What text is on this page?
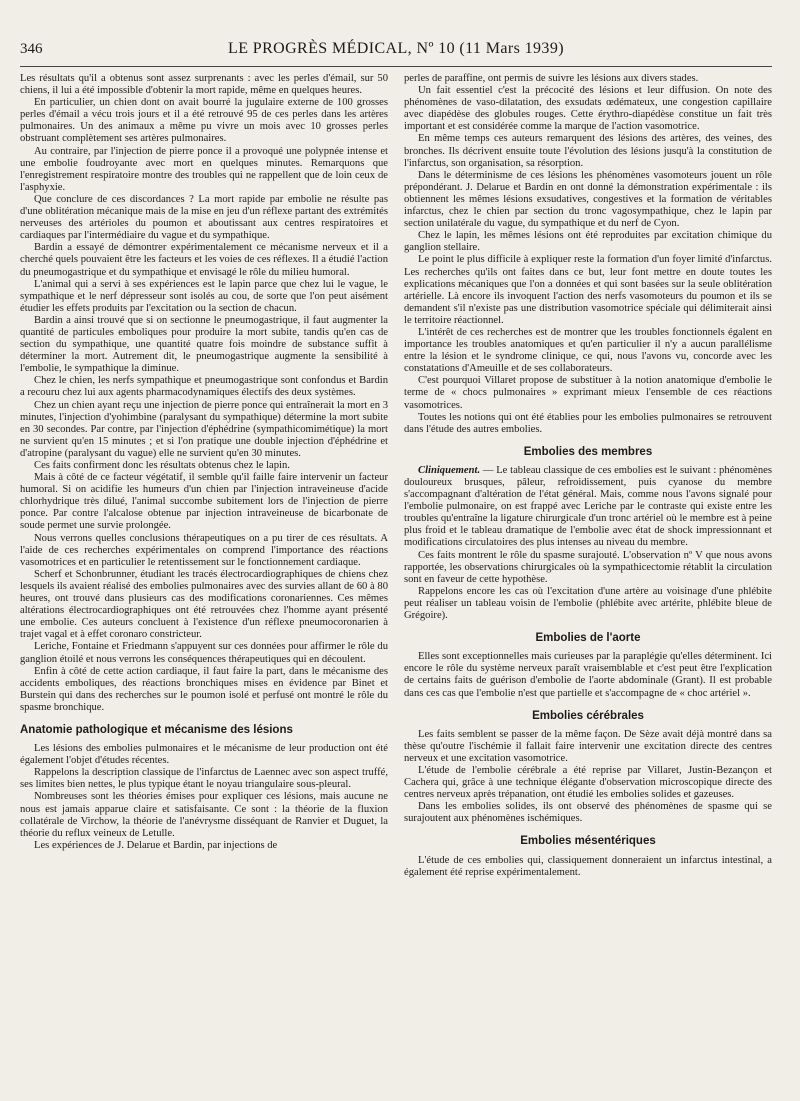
346	LE PROGRÈS MÉDICAL, Nº 10 (11 Mars 1939)

Les résultats qu'il a obtenus sont assez surprenants : avec les perles d'émail, sur 50 chiens, il lui a été impossible d'obtenir la mort rapide, même en quelques heures.

En particulier, un chien dont on avait bourré la jugulaire externe de 100 grosses perles d'émail a vécu trois jours et il a été retrouvé 95 de ces perles dans les artères pulmonaires. Un des animaux a même pu vivre un mois avec 10 grosses perles obstruant complètement ses artères pulmonaires.

Au contraire, par l'injection de pierre ponce il a provoqué une polypnée intense et une embolie foudroyante avec mort en quelques minutes. Remarquons que l'enregistrement respiratoire montre des troubles qui ne rappellent que de loin ceux de l'asphyxie.

Que conclure de ces discordances ? La mort rapide par embolie ne résulte pas d'une oblitération mécanique mais de la mise en jeu d'un réflexe partant des extrémités nerveuses des artérioles du poumon et aboutissant aux centres respiratoires et cardiaques par l'intermédiaire du vague et du sympathique.

Bardin a essayé de démontrer expérimentalement ce mécanisme nerveux et il a cherché quels pouvaient être les facteurs et les voies de ces réflexes. Il a étudié l'action du pneumogastrique et du sympathique et envisagé le rôle du milieu humoral.

L'animal qui a servi à ses expériences est le lapin parce que chez lui le vague, le sympathique et le nerf dépresseur sont isolés au cou, de sorte que l'on peut aisément étudier les effets produits par l'excitation ou la section de chacun.

Bardin a ainsi trouvé que si on sectionne le pneumogastrique, il faut augmenter la quantité de particules emboliques pour produire la mort subite, tandis qu'en cas de section du sympathique, une quantité quatre fois moindre de substance suffit à déterminer la mort. Autrement dit, le pneumogastrique augmente la sensibilité à l'embolie, le sympathique la diminue.

Chez le chien, les nerfs sympathique et pneumogastrique sont confondus et Bardin a recouru chez lui aux agents pharmacodynamiques électifs des deux systèmes.

Chez un chien ayant reçu une injection de pierre ponce qui entraînerait la mort en 3 minutes, l'injection d'yohimbine (paralysant du sympathique) détermine la mort subite en 30 secondes. Par contre, par l'injection d'éphédrine (sympathicomimétique) la mort ne survient qu'en 15 minutes ; et si l'on pratique une double injection d'éphédrine et d'atropine (paralysant du vague) elle ne survient qu'en 30 minutes.

Ces faits confirment donc les résultats obtenus chez le lapin.

Mais à côté de ce facteur végétatif, il semble qu'il faille faire intervenir un facteur humoral. Si on acidifie les humeurs d'un chien par l'injection intraveineuse d'acide chlorhydrique très dilué, l'animal succombe subitement lors de l'injection de pierre ponce. Par contre l'alcalose obtenue par injection intraveineuse de bicarbonate de soude permet une survie prolongée.

Nous verrons quelles conclusions thérapeutiques on a pu tirer de ces résultats. A l'aide de ces recherches expérimentales on comprend l'importance des réactions vasomotrices et en particulier le retentissement sur le fonctionnement cardiaque.

Scherf et Schonbrunner, étudiant les tracés électrocardiographiques de chiens chez lesquels ils avaient réalisé des embolies pulmonaires avec des survies allant de 60 à 80 heures, ont trouvé dans plusieurs cas des modifications coronariennes. Ces mêmes altérations électrocardiographiques ont été retrouvées chez l'homme ayant présenté une embolie. Ces auteurs concluent à l'existence d'un réflexe pneumocoronarien à trajet vagal et à effet coronaro constricteur.

Leriche, Fontaine et Friedmann s'appuyent sur ces données pour affirmer le rôle du ganglion étoilé et nous verrons les conséquences thérapeutiques qui en découlent.

Enfin à côté de cette action cardiaque, il faut faire la part, dans le mécanisme des accidents emboliques, des réactions bronchiques mises en évidence par Binet et Burstein qui dans des recherches sur le poumon isolé et perfusé ont montré le rôle du spasme bronchique.

Anatomie pathologique et mécanisme des lésions

Les lésions des embolies pulmonaires et le mécanisme de leur production ont été également l'objet d'études récentes.

Rappelons la description classique de l'infarctus de Laennec avec son aspect truffé, ses limites bien nettes, le plus typique étant le noyau triangulaire sous-pleural.

Nombreuses sont les théories émises pour expliquer ces lésions, mais aucune ne nous est jamais apparue claire et satisfaisante. Ce sont : la théorie de la fluxion collatérale de Virchow, la théorie de l'anévrysme disséquant de Ranvier et Duguet, la théorie du reflux veineux de Letulle.

Les expériences de J. Delarue et Bardin, par injections de

perles de paraffine, ont permis de suivre les lésions aux divers stades.

Un fait essentiel c'est la précocité des lésions et leur diffusion. On note des phénomènes de vaso-dilatation, des exsudats œdémateux, une congestion capillaire avec diapédèse des globules rouges. Cette érythro-diapédèse constitue un fait très important et est considérée comme la marque de l'action vasomotrice.

En même temps ces auteurs remarquent des lésions des artères, des veines, des bronches. Ils décrivent ensuite toute l'évolution des lésions jusqu'à la constitution de l'infarctus, son organisation, sa résorption.

Dans le déterminisme de ces lésions les phénomènes vasomoteurs jouent un rôle prépondérant. J. Delarue et Bardin en ont donné la démonstration expérimentale : ils obtiennent les mêmes lésions exsudatives, congestives et la formation de véritables infarctus, chez le chien par section du tronc vagosympathique, chez le lapin par section unilatérale du vague, du sympathique et du nerf de Cyon.

Chez le lapin, les mêmes lésions ont été reproduites par excitation chimique du ganglion stellaire.

Le point le plus difficile à expliquer reste la formation d'un foyer limité d'infarctus. Les recherches qu'ils ont faites dans ce but, leur font mettre en doute toutes les explications mécaniques que l'on a données et qui sont basées sur la seule oblitération artérielle. Là encore ils invoquent l'action des nerfs vasomoteurs du poumon et ils se demandent s'il n'existe pas une distribution vasomotrice spéciale qui délimiterait ainsi le territoire réactionnel.

L'intérêt de ces recherches est de montrer que les troubles fonctionnels égalent en importance les troubles anatomiques et qu'en particulier il n'y a aucun parallélisme entre la lésion et le syndrome clinique, ce qui, nous l'avons vu, concorde avec les constatations d'Ameuille et de ses collaborateurs.

C'est pourquoi Villaret propose de substituer à la notion anatomique d'embolie le terme de « chocs pulmonaires » exprimant mieux l'ensemble de ces réactions vasomotrices.

Toutes les notions qui ont été établies pour les embolies pulmonaires se retrouvent dans l'étude des autres embolies.

Embolies des membres

Cliniquement. — Le tableau classique de ces embolies est le suivant : phénomènes douloureux brusques, pâleur, refroidissement, puis cyanose du membre s'accompagnant d'altération de l'état général. Mais, comme nous l'avons signalé pour l'embolie pulmonaire, on est frappé avec Leriche par le contraste qui existe entre les troubles qu'entraîne la ligature chirurgicale d'un tronc artériel où le membre est à peine plus froid et le tableau dramatique de l'embolie avec état de shock impressionnant et modifications circulatoires des plus intenses au niveau du membre.

Ces faits montrent le rôle du spasme surajouté. L'observation nº V que nous avons rapportée, les observations chirurgicales où la sympathicectomie rétablit la circulation sont en faveur de cette hypothèse.

Rappelons encore les cas où l'excitation d'une artère au voisinage d'une phlébite peut réaliser un tableau voisin de l'embolie (phlébite avec artérite, phlébite bleue de Grégoire).

Embolies de l'aorte

Elles sont exceptionnelles mais curieuses par la paraplégie qu'elles déterminent. Ici encore le rôle du système nerveux paraît vraisemblable et c'est peut être l'explication de certains faits de guérison d'embolie de l'aorte abdominale (Grant). Il est probable dans ces cas que l'embolie n'est que partielle et s'accompagne de « choc artériel ».

Embolies cérébrales

Les faits semblent se passer de la même façon. De Sèze avait déjà montré dans sa thèse qu'outre l'ischémie il fallait faire intervenir une excitation directe des centres nerveux et une excitation vasomotrice.

L'étude de l'embolie cérébrale a été reprise par Villaret, Justin-Bezançon et Cachera qui, grâce à une technique élégante d'observation microscopique directe des centres nerveux après trépanation, ont étudié les embolies solides et gazeuses.

Dans les embolies solides, ils ont observé des phénomènes de spasme qui se surajoutent aux phénomènes ischémiques.

Embolies mésentériques

L'étude de ces embolies qui, classiquement donneraient un infarctus intestinal, a également été reprise expérimentalement.
